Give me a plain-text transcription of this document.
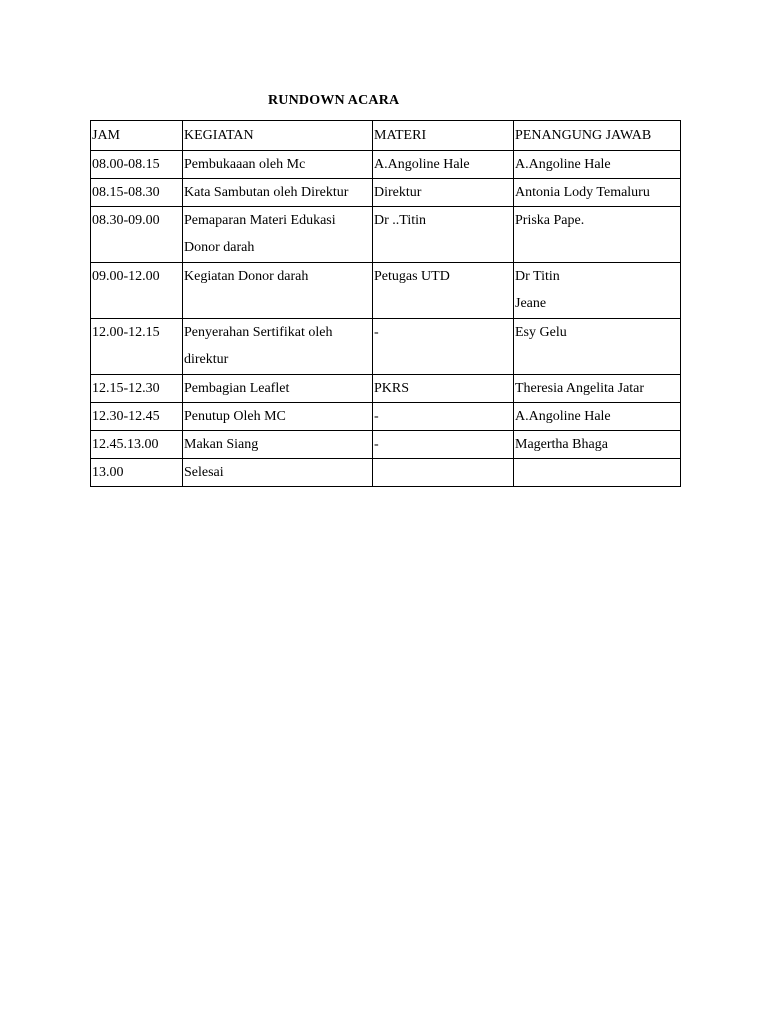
RUNDOWN ACARA
JAM	KEGIATAN	MATERI	PENANGUNG JAWAB
08.00-08.15	Pembukaaan oleh Mc	A.Angoline Hale	A.Angoline Hale

08.15-08.30	Kata Sambutan oleh Direktur	Direktur	Antonia Lody Temaluru

08.30-09.00	Pemaparan Materi Edukasi
Donor darah	Dr ..Titin	Priska Pape.

09.00-12.00	Kegiatan Donor darah	Petugas UTD	Dr Titin
Jeane

12.00-12.15	Penyerahan Sertifikat oleh
direktur	-	Esy Gelu

12.15-12.30	Pembagian Leaflet	PKRS	Theresia Angelita Jatar

12.30-12.45	Penutup Oleh MC	-	A.Angoline Hale

12.45.13.00	Makan Siang	-	Magertha Bhaga

13.00	Selesai		
